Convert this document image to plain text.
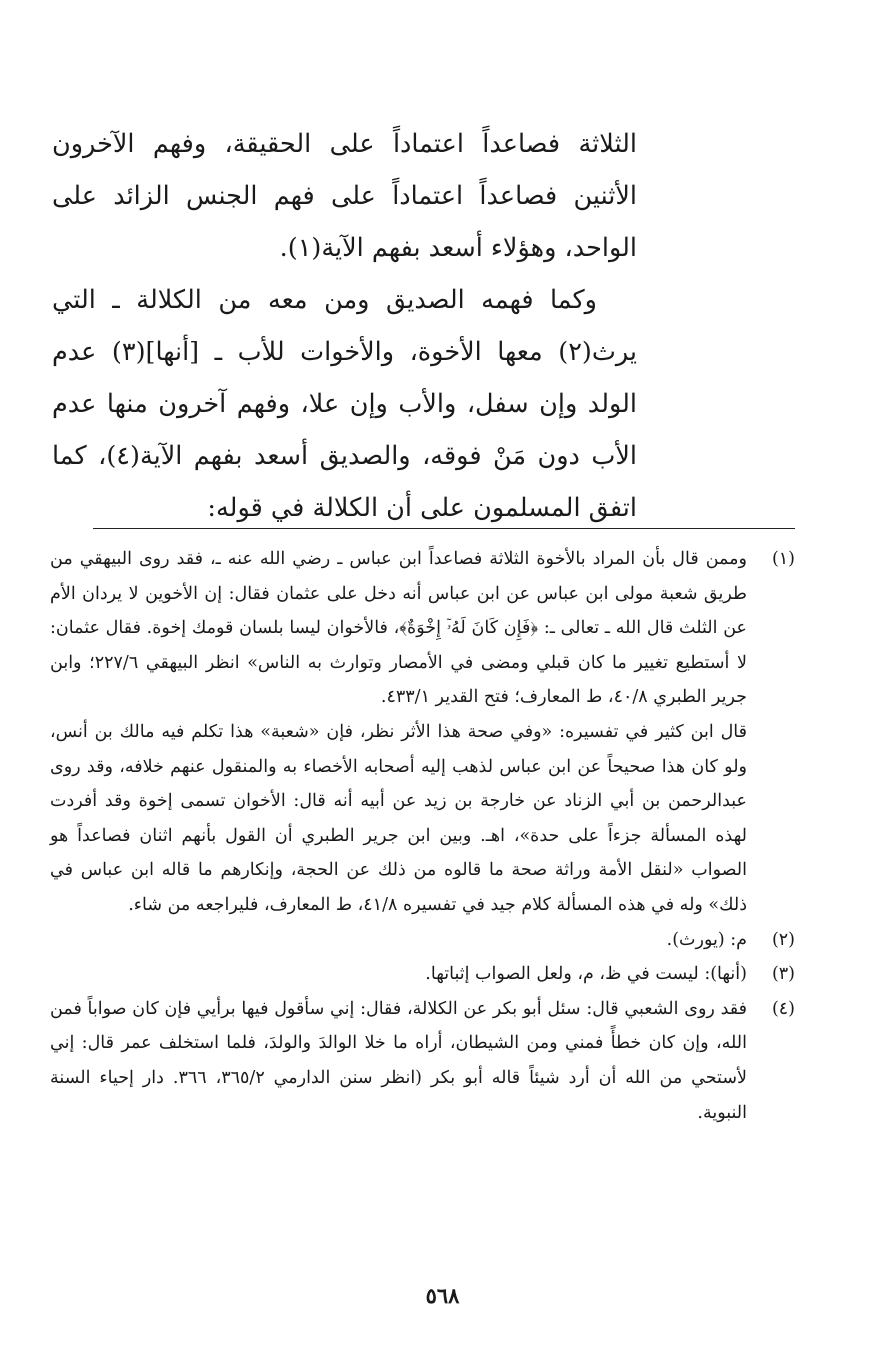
الثلاثة فصاعداً اعتماداً على الحقيقة، وفهم الآخرون الأثنين فصاعداً اعتماداً على فهم الجنس الزائد على الواحد، وهؤلاء أسعد بفهم الآية(١).

وكما فهمه الصديق ومن معه من الكلالة ـ التي يرث(٢) معها الأخوة، والأخوات للأب ـ [أنها](٣) عدم الولد وإن سفل، والأب وإن علا، وفهم آخرون منها عدم الأب دون مَنْ فوقه، والصديق أسعد بفهم الآية(٤)، كما اتفق المسلمون على أن الكلالة في قوله:

(١)
وممن قال بأن المراد بالأخوة الثلاثة فصاعداً ابن عباس ـ رضي الله عنه ـ، فقد روى البيهقي من طريق شعبة مولى ابن عباس عن ابن عباس أنه دخل على عثمان فقال: إن الأخوين لا يردان الأم عن الثلث قال الله ـ تعالى ـ: ﴿فَإِن كَانَ لَهُۥٓ إِخْوَةٌ﴾، فالأخوان ليسا بلسان قومك إخوة. فقال عثمان: لا أستطيع تغيير ما كان قبلي ومضى في الأمصار وتوارث به الناس» انظر البيهقي ٢٢٧/٦؛ وابن جرير الطبري ٤٠/٨، ط المعارف؛ فتح القدير ٤٣٣/١.
قال ابن كثير في تفسيره: «وفي صحة هذا الأثر نظر، فإن «شعبة» هذا تكلم فيه مالك بن أنس، ولو كان هذا صحيحاً عن ابن عباس لذهب إليه أصحابه الأخصاء به والمنقول عنهم خلافه، وقد روى عبدالرحمن بن أبي الزناد عن خارجة بن زيد عن أبيه أنه قال: الأخوان تسمى إخوة وقد أفردت لهذه المسألة جزءاً على حدة»، اهـ. وبين ابن جرير الطبري أن القول بأنهم اثنان فصاعداً هو الصواب «لنقل الأمة وراثة صحة ما قالوه من ذلك عن الحجة، وإنكارهم ما قاله ابن عباس في ذلك» وله في هذه المسألة كلام جيد في تفسيره ٤١/٨، ط المعارف، فليراجعه من شاء.
(٢)
م: (يورث).
(٣)
(أنها): ليست في ظ، م، ولعل الصواب إثباتها.
(٤)
فقد روى الشعبي قال: سئل أبو بكر عن الكلالة، فقال: إني سأقول فيها برأيي فإن كان صواباً فمن الله، وإن كان خطأً فمني ومن الشيطان، أراه ما خلا الوالدَ والولدَ، فلما استخلف عمر قال: إني لأستحي من الله أن أرد شيئاً قاله أبو بكر (انظر سنن الدارمي ٣٦٥/٢، ٣٦٦. دار إحياء السنة النبوية.
٥٦٨
